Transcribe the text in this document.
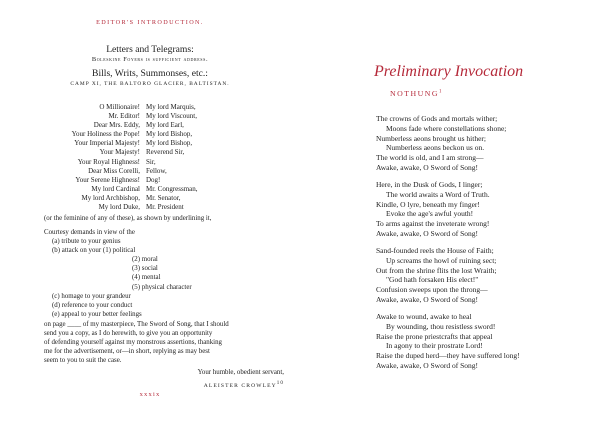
EDITOR'S INTRODUCTION.
Letters and Telegrams:
Boleskine Foyers is sufficient address.
Bills, Writs, Summonses, etc.:
CAMP XI, THE BALTORO GLACIER, BALTISTAN.
O Millionaire! My lord Marquis,
Mr. Editor! My lord Viscount,
Dear Mrs. Eddy, My lord Earl,
Your Holiness the Pope! My lord Bishop,
Your Imperial Majesty! My lord Bishop,
Your Majesty! Reverend Sir,
Your Royal Highness! Sir,
Dear Miss Corelli, Fellow,
Your Serene Highness! Dog!
My lord Cardinal Mr. Congressman,
My lord Archbishop, Mr. Senator,
My lord Duke, Mr. President
(or the feminine of any of these), as shown by underlining it,
Courtesy demands in view of the
(a) tribute to your genius
(b) attack on your (1) political
(2) moral
(3) social
(4) mental
(5) physical character
(c) homage to your grandeur
(d) reference to your conduct
(e) appeal to your better feelings
on page ____ of my masterpiece, The Sword of Song, that I should
send you a copy, as I do herewith, to give you an opportunity
of defending yourself against my monstrous assertions, thanking
me for the advertisement, or—in short, replying as may best
seem to you to suit the case.
Your humble, obedient servant,
ALEISTER CROWLEY10
xxxix
Preliminary Invocation
NOTHUNG$^1$
The crowns of Gods and mortals wither;
Moons fade where constellations shone;
Numberless aeons brought us hither;
Numberless aeons beckon us on.
The world is old, and I am strong—
Awake, awake, O Sword of Song!
Here, in the Dusk of Gods, I linger;
The world awaits a Word of Truth.
Kindle, O lyre, beneath my finger!
Evoke the age's awful youth!
To arms against the inveterate wrong!
Awake, awake, O Sword of Song!
Sand-founded reels the House of Faith;
Up screams the howl of ruining sect;
Out from the shrine flits the lost Wraith;
"God hath forsaken His elect!"
Confusion sweeps upon the throng—
Awake, awake, O Sword of Song!
Awake to wound, awake to heal
By wounding, thou resistless sword!
Raise the prone priestcrafts that appeal
In agony to their prostrate Lord!
Raise the duped herd—they have suffered long!
Awake, awake, O Sword of Song!
